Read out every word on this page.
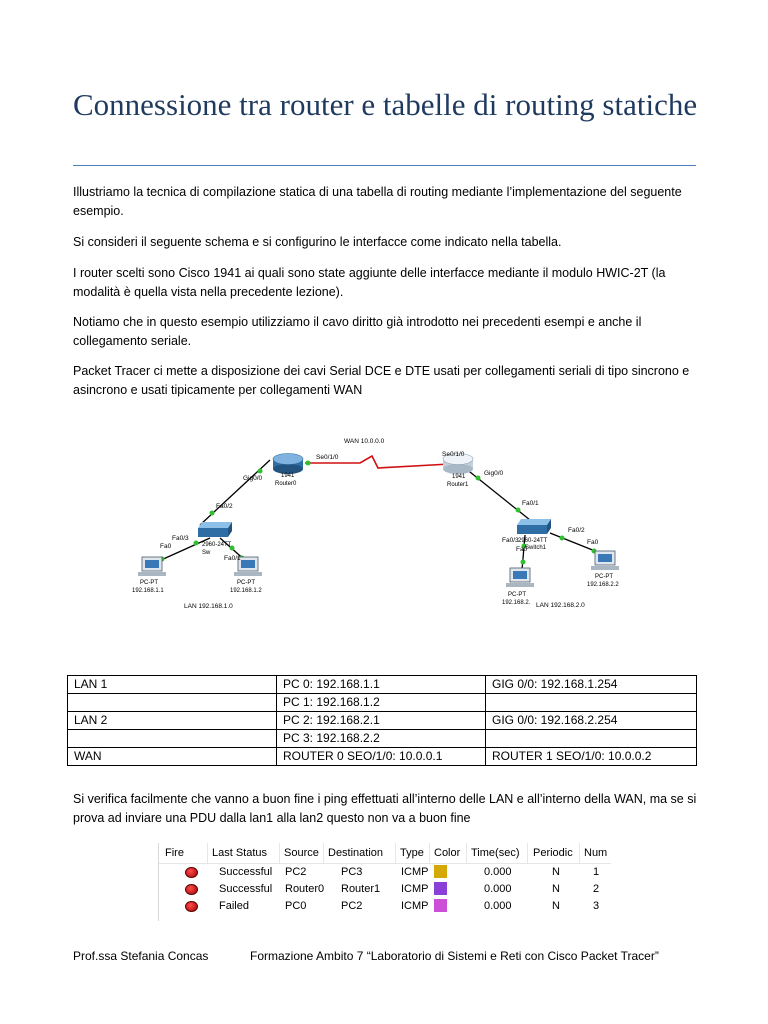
Connessione tra router e tabelle di routing statiche

Illustriamo la tecnica di compilazione statica di una tabella di routing mediante l’implementazione del seguente esempio.

Si consideri il seguente schema e si configurino le interfacce come indicato nella tabella.

I router scelti sono Cisco 1941 ai quali sono state aggiunte delle interfacce mediante il modulo HWIC-2T (la modalità è quella vista nella precedente lezione).

Notiamo che in questo esempio utilizziamo il cavo diritto già introdotto nei precedenti esempi e anche il collegamento seriale.

Packet Tracer ci mette a disposizione dei cavi Serial DCE e DTE usati per collegamenti seriali di tipo sincrono e asincrono e usati tipicamente per collegamenti WAN

WAN 10.0.0.0
Se0/1/0
1941
Router0
Gig0/0
Se0/1/0
1941
Router1
Gig0/0
Fa0/2
Fa0/3
2960-24TT
Sw
Fa0/1
Fa0
Fa0/1
Fa0/3 2960-24TT
Switch1
Fa0/2
Fa0
Fa0
PC-PT
192.168.1.1
PC-PT
192.168.1.2
PC-PT
192.168.2.
PC-PT
192.168.2.2
LAN 192.168.1.0	LAN 192.168.2.0
LAN 1	PC 0: 192.168.1.1	GIG 0/0: 192.168.1.254
	PC 1: 192.168.1.2	
LAN 2	PC 2: 192.168.2.1	GIG 0/0: 192.168.2.254
	PC 3: 192.168.2.2	
WAN	ROUTER 0 SEO/1/0: 10.0.0.1	ROUTER 1 SEO/1/0: 10.0.0.2

Si verifica facilmente che vanno a buon fine i ping effettuati all’interno delle LAN e all’interno della WAN, ma se si prova ad inviare una PDU dalla lan1 alla lan2 questo non va a buon fine

Fire	Last Status Source Destination Type Color Time(sec) Periodic Num
Successful PC2	PC3	ICMP	0.000	N	1
Successful Router0 Router1 ICMP	0.000	N	2
Failed	PC0	PC2	ICMP	0.000	N	3
Prof.ssa Stefania Concas	Formazione Ambito 7 “Laboratorio di Sistemi e Reti con Cisco Packet Tracer”
